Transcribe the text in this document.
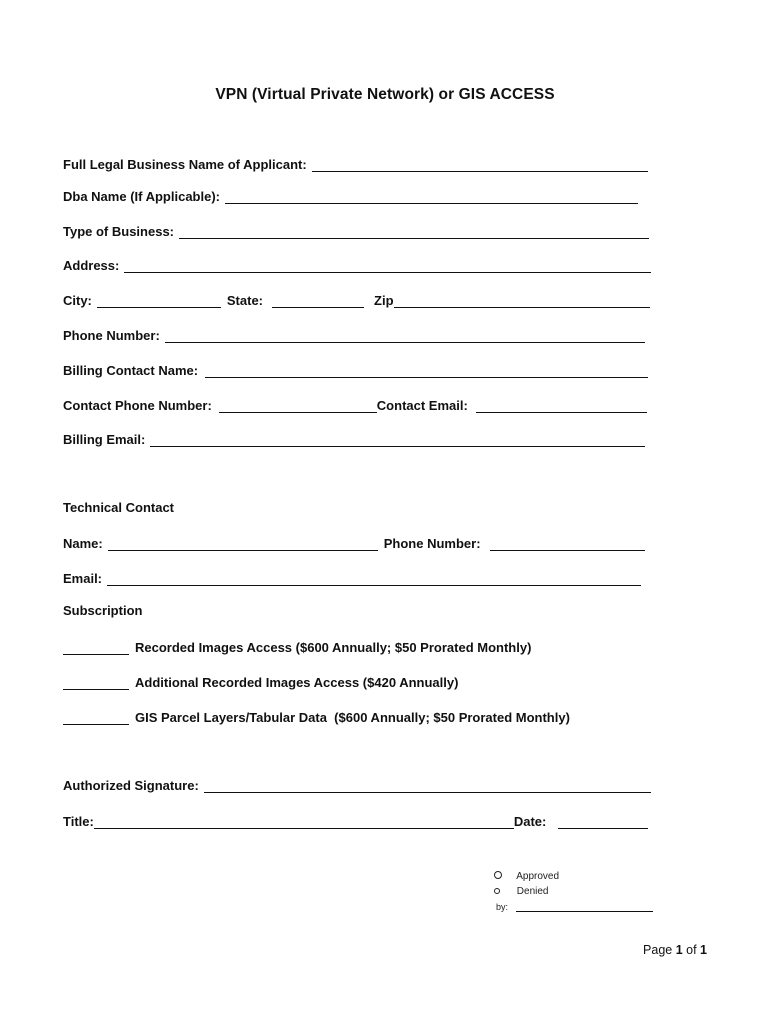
VPN (Virtual Private Network) or GIS ACCESS
Full Legal Business Name of Applicant:
Dba Name (If Applicable):
Type of Business:
Address:
City:	State:	Zip
Phone Number:
Billing Contact Name:
Contact Phone Number:	Contact Email:
Billing Email:
Technical Contact
Name:	Phone Number:
Email:
Subscription
Recorded Images Access ($600 Annually; $50 Prorated Monthly)
Additional Recorded Images Access ($420 Annually)
GIS Parcel Layers/Tabular Data  ($600 Annually; $50 Prorated Monthly)
Authorized Signature:
Title:	Date:
Approved
Denied
by:
Page 1 of 1
